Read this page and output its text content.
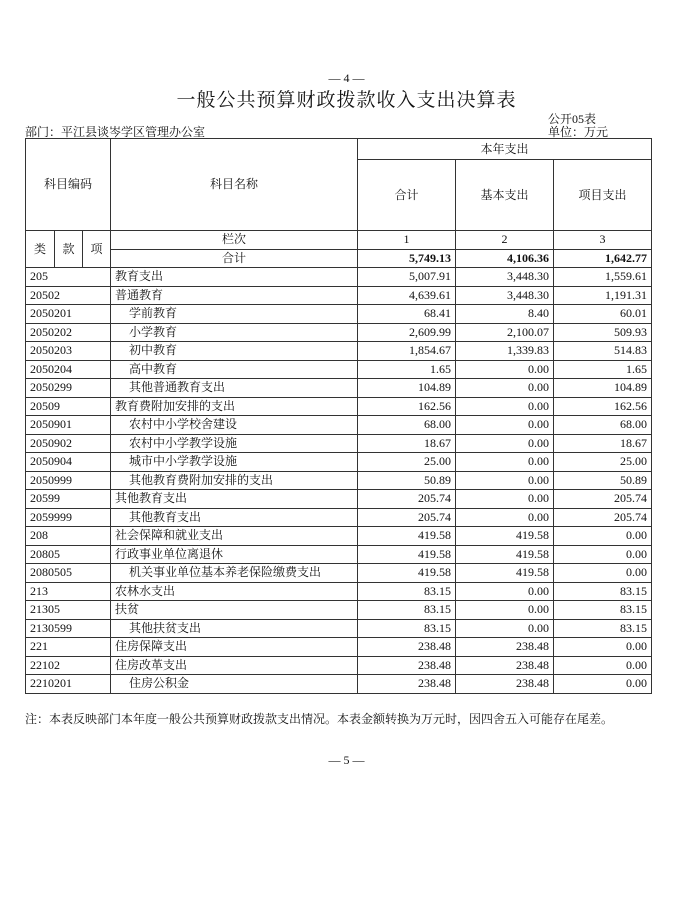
— 4 —
一般公共预算财政拨款收入支出决算表
公开05表
部门：平江县谈岑学区管理办公室	单位：万元
科目编码			科目名称	本年支出		
				合计	基本支出	项目支出
类	款	项	栏次	1	2	3
			合计	5,749.13	4,106.36	1,642.77
205			教育支出	5,007.91	3,448.30	1,559.61
20502			普通教育	4,639.61	3,448.30	1,191.31
2050201			学前教育	68.41	8.40	60.01
2050202			小学教育	2,609.99	2,100.07	509.93
2050203			初中教育	1,854.67	1,339.83	514.83
2050204			高中教育	1.65	0.00	1.65
2050299			其他普通教育支出	104.89	0.00	104.89
20509			教育费附加安排的支出	162.56	0.00	162.56
2050901			农村中小学校舍建设	68.00	0.00	68.00
2050902			农村中小学教学设施	18.67	0.00	18.67
2050904			城市中小学教学设施	25.00	0.00	25.00
2050999			其他教育费附加安排的支出	50.89	0.00	50.89
20599			其他教育支出	205.74	0.00	205.74
2059999			其他教育支出	205.74	0.00	205.74
208			社会保障和就业支出	419.58	419.58	0.00
20805			行政事业单位离退休	419.58	419.58	0.00
2080505			机关事业单位基本养老保险缴费支出	419.58	419.58	0.00
213			农林水支出	83.15	0.00	83.15
21305			扶贫	83.15	0.00	83.15
2130599			其他扶贫支出	83.15	0.00	83.15
221			住房保障支出	238.48	238.48	0.00
22102			住房改革支出	238.48	238.48	0.00
2210201			住房公积金	238.48	238.48	0.00
注：本表反映部门本年度一般公共预算财政拨款支出情况。本表金额转换为万元时，因四舍五入可能存在尾差。
— 5 —
